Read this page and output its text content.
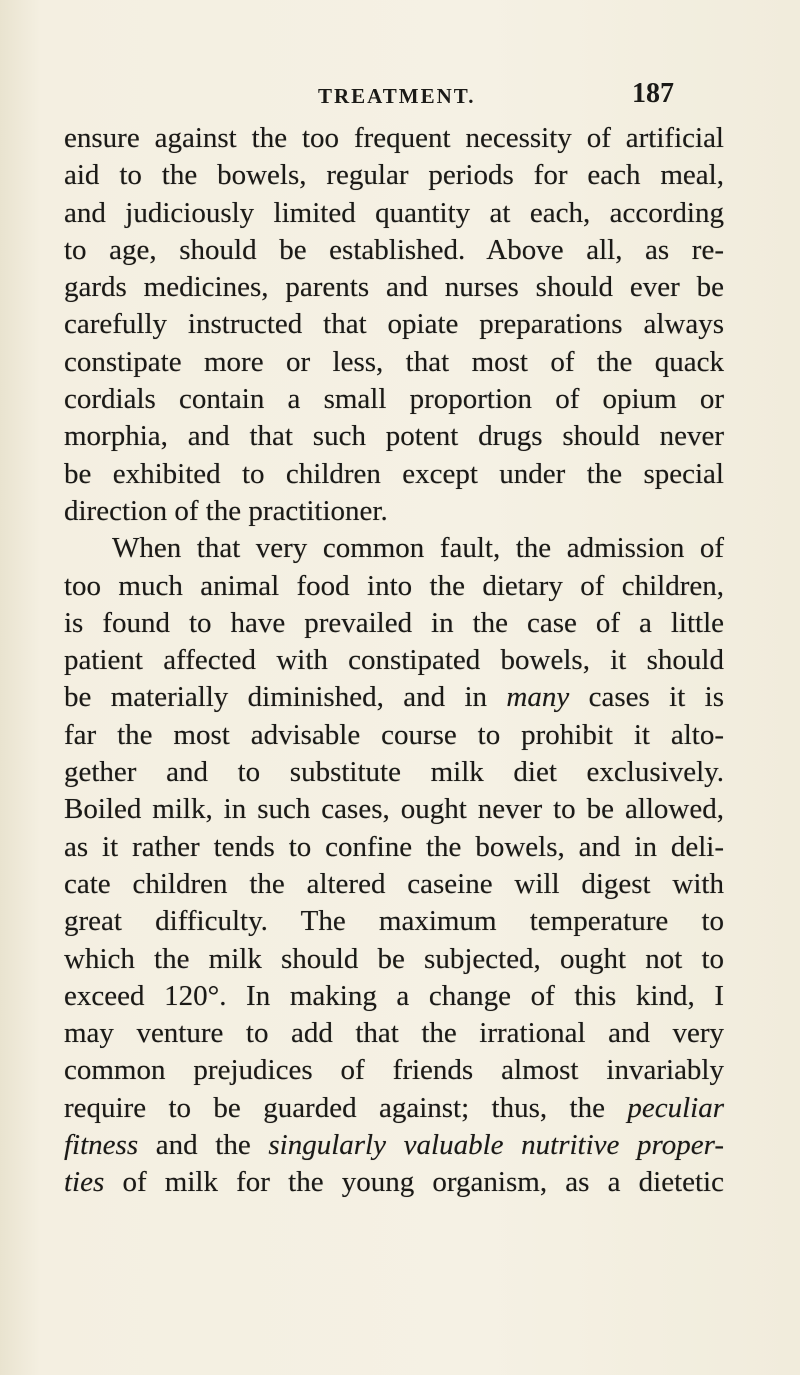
TREATMENT.	187
ensure against the too frequent necessity of artificial
aid to the bowels, regular periods for each meal,
and judiciously limited quantity at each, according
to age, should be established. Above all, as re-
gards medicines, parents and nurses should ever be
carefully instructed that opiate preparations always
constipate more or less, that most of the quack
cordials contain a small proportion of opium or
morphia, and that such potent drugs should never
be exhibited to children except under the special
direction of the practitioner.
When that very common fault, the admission of
too much animal food into the dietary of children,
is found to have prevailed in the case of a little
patient affected with constipated bowels, it should
be materially diminished, and in many cases it is
far the most advisable course to prohibit it alto-
gether and to substitute milk diet exclusively.
Boiled milk, in such cases, ought never to be allowed,
as it rather tends to confine the bowels, and in deli-
cate children the altered caseine will digest with
great difficulty. The maximum temperature to
which the milk should be subjected, ought not to
exceed 120°. In making a change of this kind, I
may venture to add that the irrational and very
common prejudices of friends almost invariably
require to be guarded against; thus, the peculiar
fitness and the singularly valuable nutritive proper-
ties of milk for the young organism, as a dietetic
